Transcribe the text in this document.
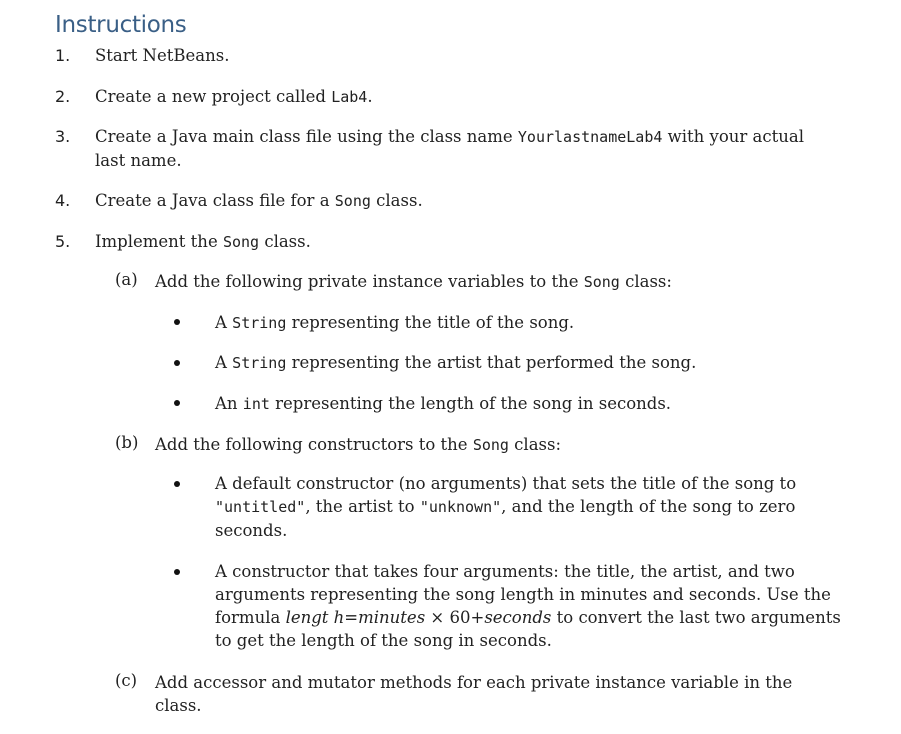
Instructions
1. Start NetBeans.
2. Create a new project called Lab4.
3. Create a Java main class file using the class name YourlastnameLab4 with your actual
last name.
4. Create a Java class file for a Song class.
5. Implement the Song class.
(a) Add the following private instance variables to the Song class:
A String representing the title of the song.
A String representing the artist that performed the song.
An int representing the length of the song in seconds.
(b) Add the following constructors to the Song class:
A default constructor (no arguments) that sets the title of the song to
"untitled", the artist to "unknown", and the length of the song to zero
seconds.
A constructor that takes four arguments: the title, the artist, and two
arguments representing the song length in minutes and seconds. Use the
formula lengt h=minutes × 60+seconds to convert the last two arguments
to get the length of the song in seconds.
(c) Add accessor and mutator methods for each private instance variable in the
class.
